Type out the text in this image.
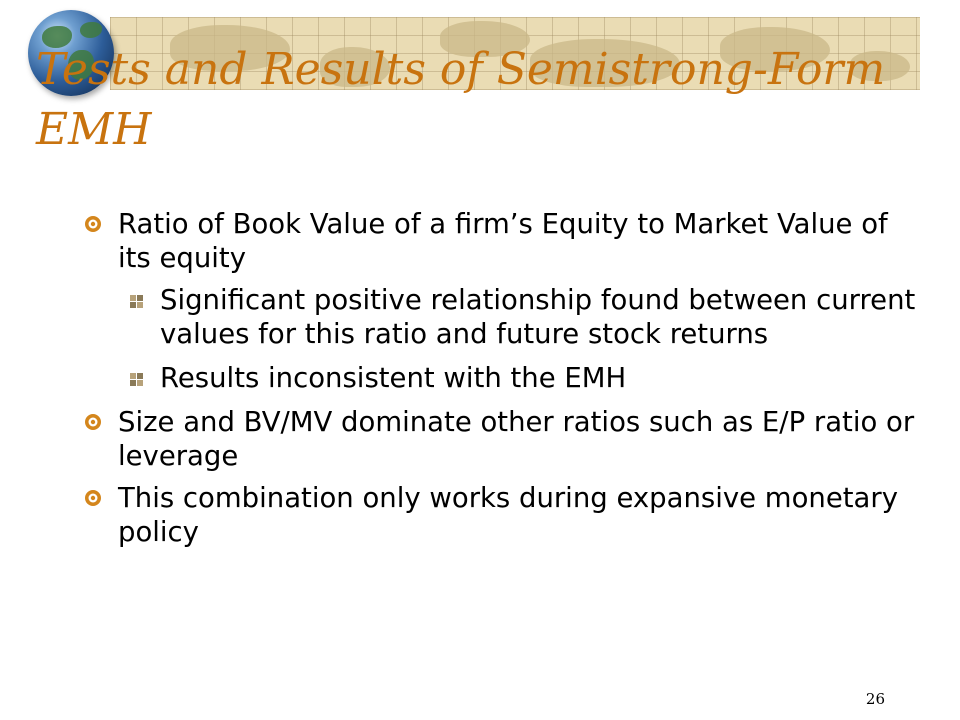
Tests and Results of Semistrong-Form EMH
Ratio of Book Value of a firm’s Equity to Market Value of its equity
Significant positive relationship found between current values for this ratio and future stock returns
Results inconsistent with the EMH
Size and BV/MV dominate other ratios such as E/P ratio or leverage
This combination only works during expansive monetary policy
26
